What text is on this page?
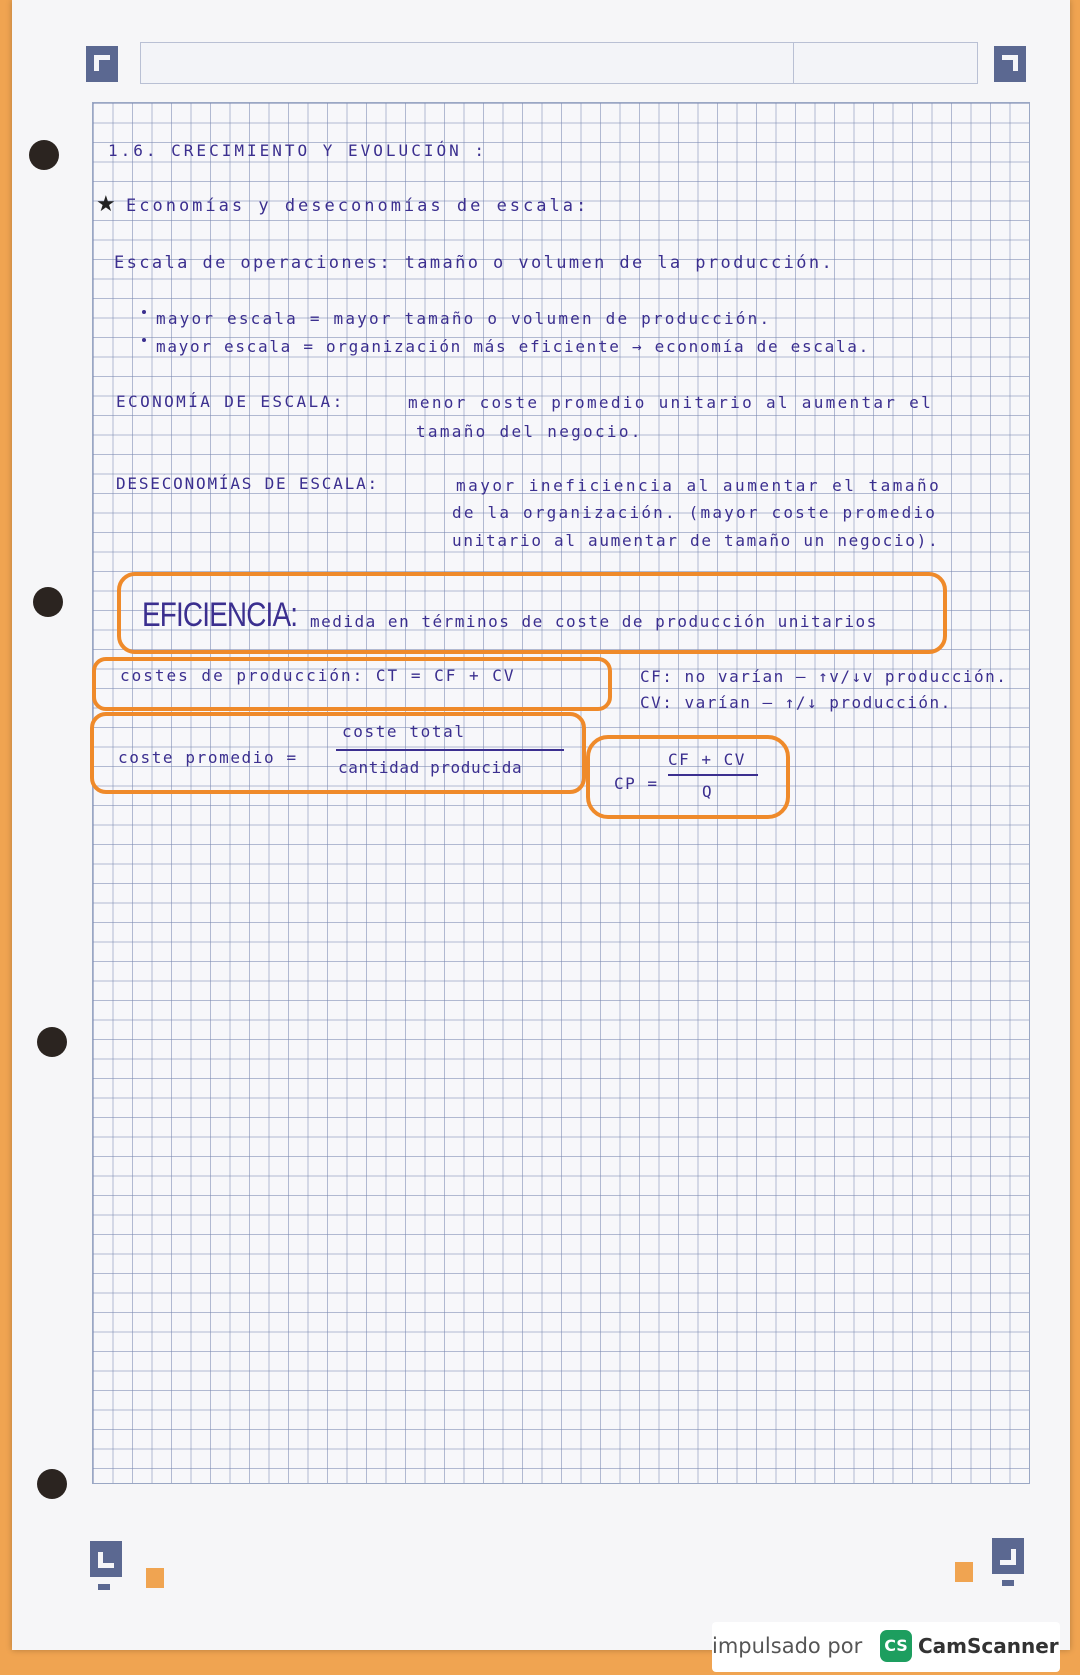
1.6. CRECIMIENTO Y EVOLUCIÓN :
★ Economías y deseconomías de escala:
Escala de operaciones: tamaño o volumen de la producción.
mayor escala = mayor tamaño o volumen de producción.
mayor escala = organización más eficiente → economía de escala.
ECONOMÍA DE ESCALA:	menor coste promedio unitario al aumentar el
tamaño del negocio.
DESECONOMÍAS DE ESCALA:	mayor ineficiencia al aumentar el tamaño
de la organización. (mayor coste promedio
unitario al aumentar de tamaño un negocio).
EFICIENCIA: medida en términos de coste de producción unitarios
costes de producción: CT = CF + CV	CF: no varían — ↑v/↓v producción.
CV: varían — ↑/↓ producción.
coste promedio =
coste total
cantidad producida
CP =
CF + CV
Q
impulsado por CS CamScanner
